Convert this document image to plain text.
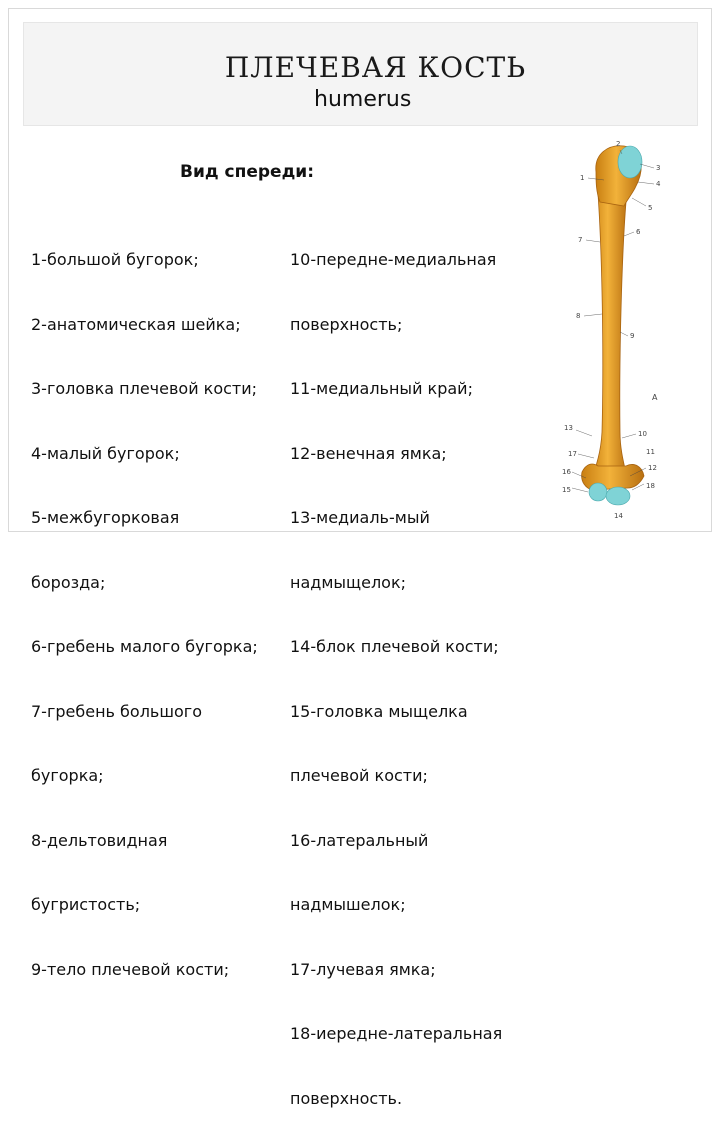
ПЛЕЧЕВАЯ КОСТЬ
humerus
Вид спереди:

1-большой бугорок;

2-анатомическая шейка;

3-головка плечевой кости;

4-малый бугорок;

5-межбугорковая

борозда;

6-гребень малого бугорка;

7-гребень большого

бугорка;

8-дельтовидная

бугристость;

9-тело плечевой кости;

10-передне-медиальная

поверхность;

11-медиальный край;

12-венечная ямка;

13-медиаль-мый

надмыщелок;

14-блок плечевой кости;

15-головка мыщелка

плечевой кости;

16-латеральный

надмышелок;

17-лучевая ямка;

18-иередне-латеральная

поверхность.

1
2
3
4
5
6
7
8
9
А
13
10
17
16	12
15	18
14
11
